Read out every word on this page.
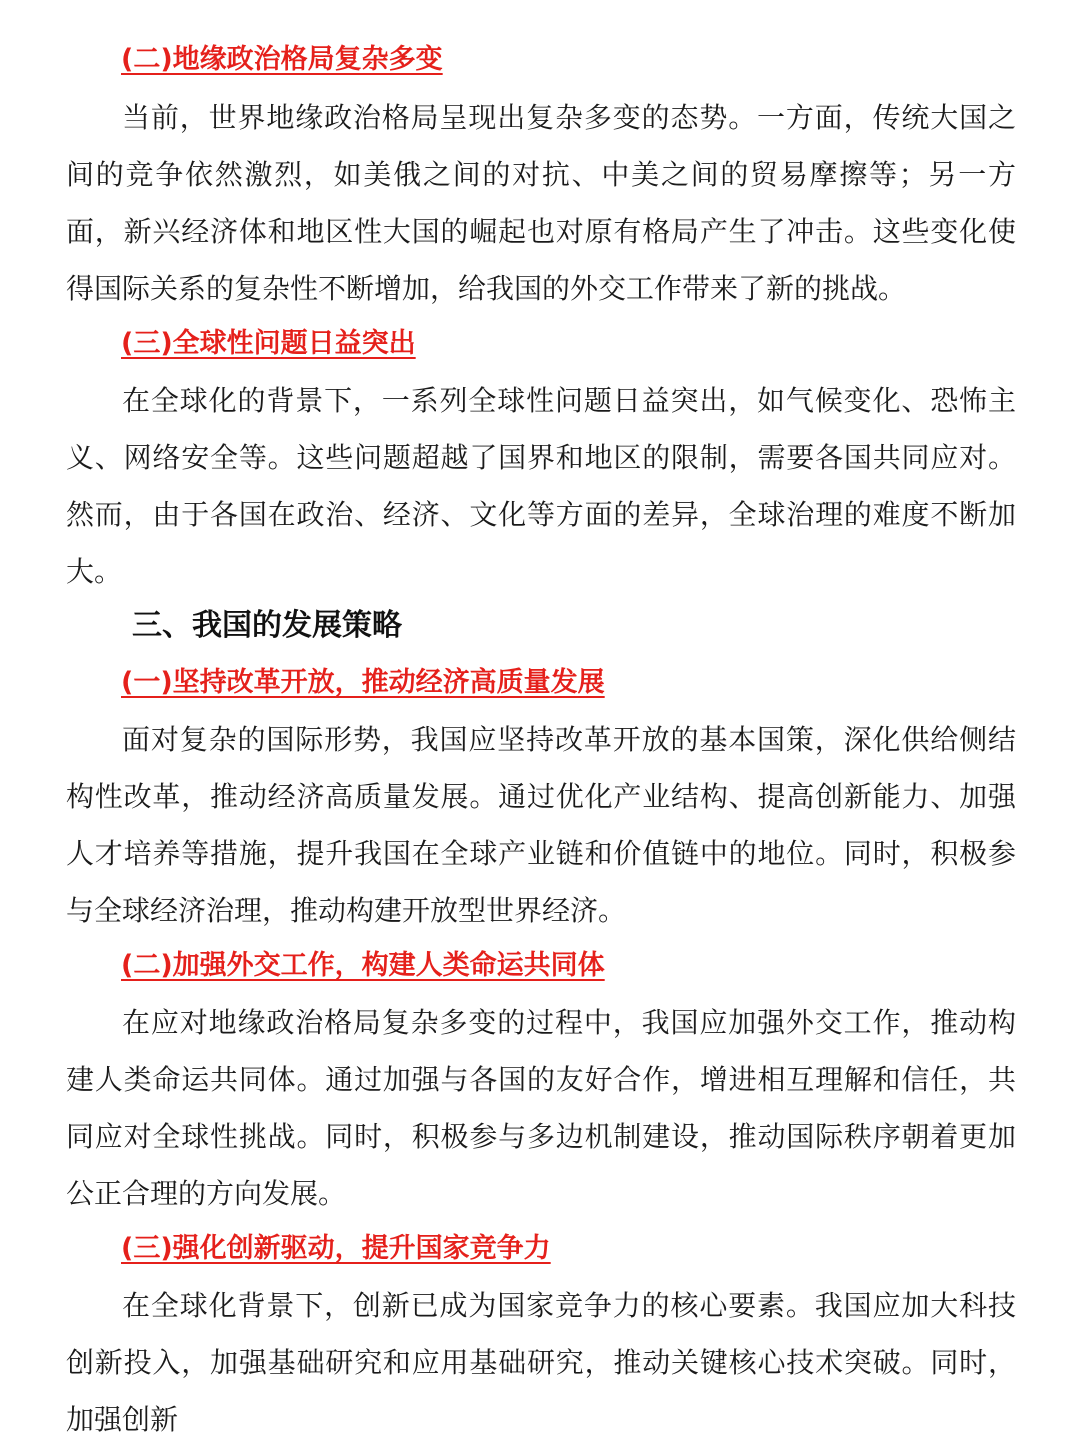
(二)地缘政治格局复杂多变

当前，世界地缘政治格局呈现出复杂多变的态势。一方面，传统大国之间的竞争依然激烈，如美俄之间的对抗、中美之间的贸易摩擦等；另一方面，新兴经济体和地区性大国的崛起也对原有格局产生了冲击。这些变化使得国际关系的复杂性不断增加，给我国的外交工作带来了新的挑战。

(三)全球性问题日益突出

在全球化的背景下，一系列全球性问题日益突出，如气候变化、恐怖主义、网络安全等。这些问题超越了国界和地区的限制，需要各国共同应对。然而，由于各国在政治、经济、文化等方面的差异，全球治理的难度不断加大。

三、我国的发展策略
(一)坚持改革开放，推动经济高质量发展

面对复杂的国际形势，我国应坚持改革开放的基本国策，深化供给侧结构性改革，推动经济高质量发展。通过优化产业结构、提高创新能力、加强人才培养等措施，提升我国在全球产业链和价值链中的地位。同时，积极参与全球经济治理，推动构建开放型世界经济。

(二)加强外交工作，构建人类命运共同体

在应对地缘政治格局复杂多变的过程中，我国应加强外交工作，推动构建人类命运共同体。通过加强与各国的友好合作，增进相互理解和信任，共同应对全球性挑战。同时，积极参与多边机制建设，推动国际秩序朝着更加公正合理的方向发展。

(三)强化创新驱动，提升国家竞争力

在全球化背景下，创新已成为国家竞争力的核心要素。我国应加大科技创新投入，加强基础研究和应用基础研究，推动关键核心技术突破。同时，加强创新
